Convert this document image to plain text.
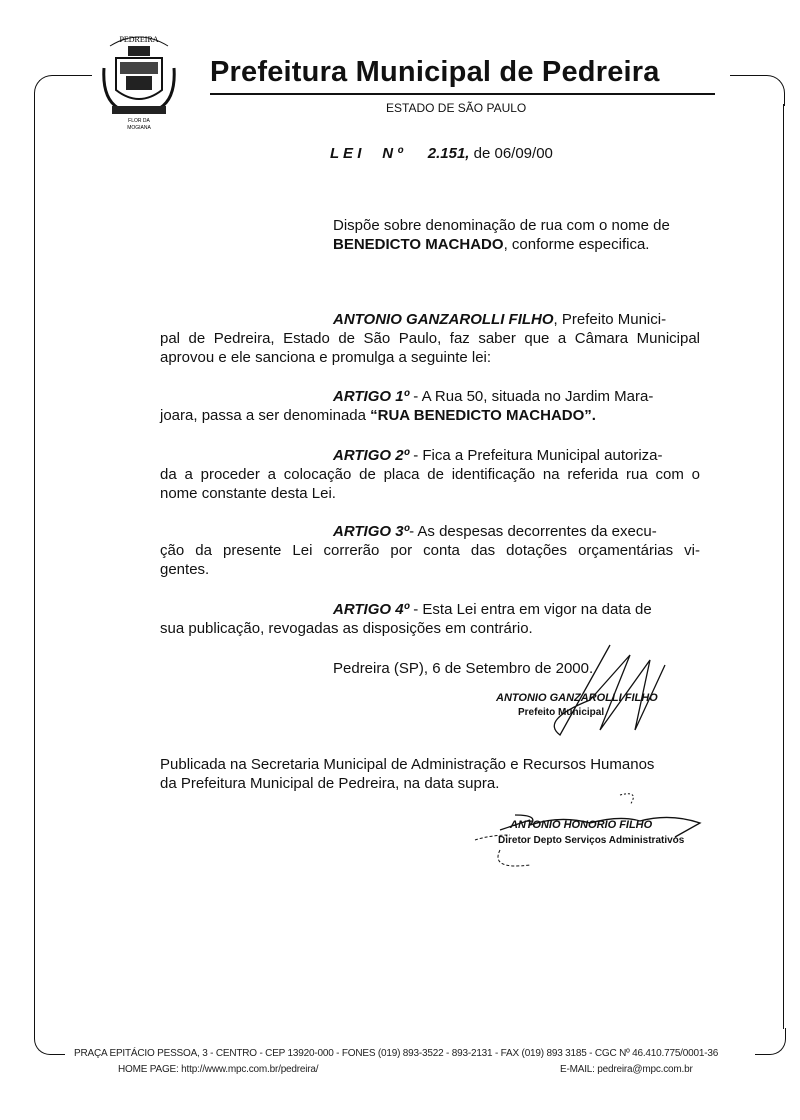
PEDREIRA
FLOR DA
MOGIANA
Prefeitura Municipal de Pedreira
ESTADO DE SÃO PAULO
L E I N º 2.151, de 06/09/00
Dispõe sobre denominação de rua com o nome de
BENEDICTO MACHADO, conforme especifica.
ANTONIO GANZAROLLI FILHO, Prefeito Munici-
pal de Pedreira, Estado de São Paulo, faz saber que a Câmara Municipal
aprovou e ele sanciona e promulga a seguinte lei:
ARTIGO 1º - A Rua 50, situada no Jardim Mara-
joara, passa a ser denominada “RUA BENEDICTO MACHADO”.
ARTIGO 2º - Fica a Prefeitura Municipal autoriza-
da a proceder a colocação de placa de identificação na referida rua com o
nome constante desta Lei.
ARTIGO 3º- As despesas decorrentes da execu-
ção da presente Lei correrão por conta das dotações orçamentárias vi-
gentes.
ARTIGO 4º - Esta Lei entra em vigor na data de
sua publicação, revogadas as disposições em contrário.
Pedreira (SP), 6 de Setembro de 2000.
ANTONIO GANZAROLLI FILHO
Prefeito Municipal
Publicada na Secretaria Municipal de Administração e Recursos Humanos
da Prefeitura Municipal de Pedreira, na data supra.
ANTONIO HONORIO FILHO
Diretor Depto Serviços Administrativos
PRAÇA EPITÁCIO PESSOA, 3 - CENTRO - CEP 13920-000 - FONES (019) 893-3522 - 893-2131 - FAX (019) 893 3185 - CGC Nº 46.410.775/0001-36
HOME PAGE: http://www.mpc.com.br/pedreira/	E-MAIL: pedreira@mpc.com.br
